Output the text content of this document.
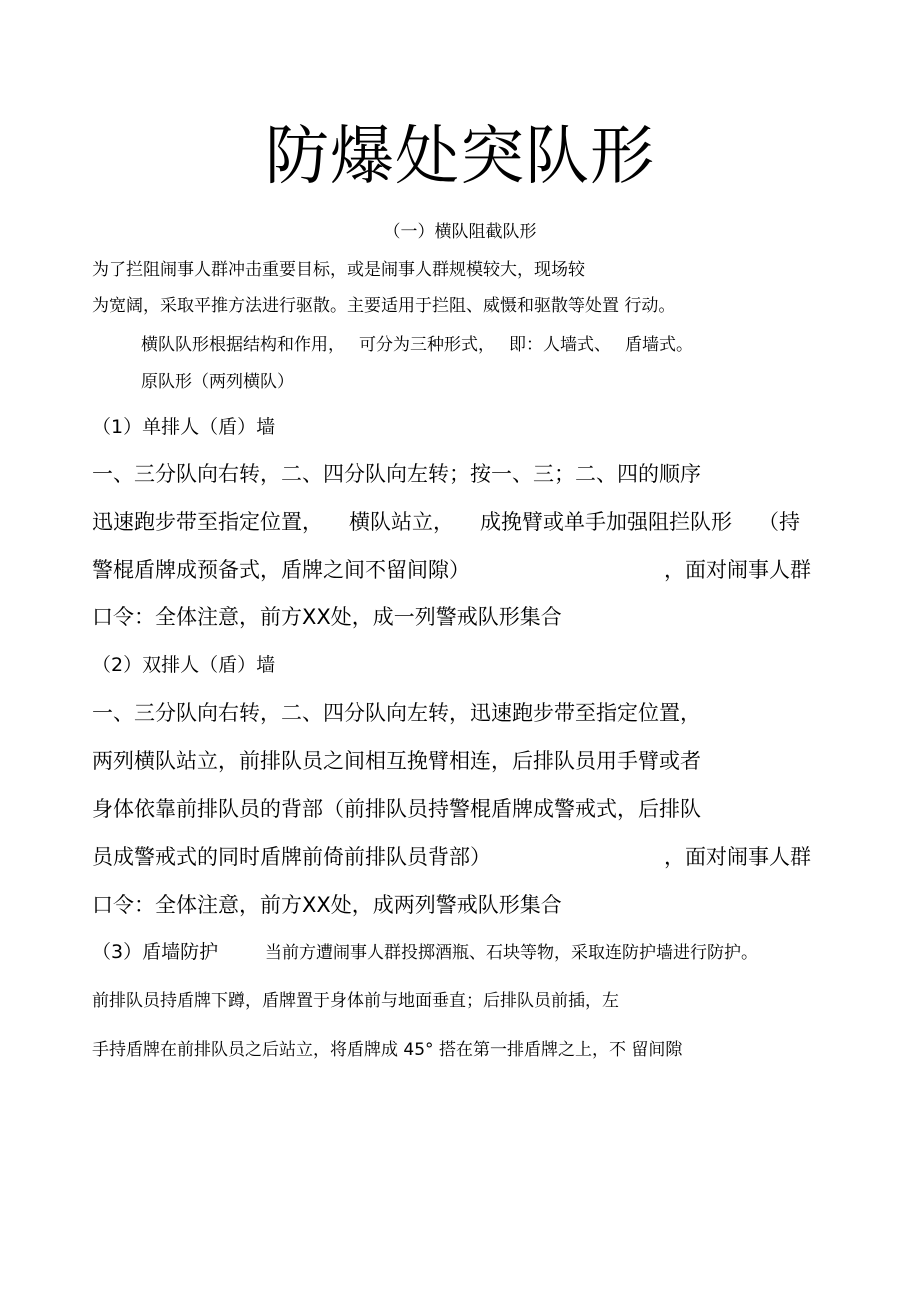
防爆处突队形
（一）横队阻截队形
为了拦阻闹事人群冲击重要目标，或是闹事人群规模较大，现场较
为宽阔，采取平推方法进行驱散。主要适用于拦阻、威慑和驱散等处置 行动。
横队队形根据结构和作用， 可分为三种形式， 即：人墙式、 盾墙式。
原队形（两列横队）
（1）单排人（盾）墙
一、三分队向右转，二、四分队向左转；按一、三；二、四的顺序
迅速跑步带至指定位置， 横队站立， 成挽臂或单手加强阻拦队形 （持
警棍盾牌成预备式，盾牌之间不留间隙）	，面对闹事人群
口令：全体注意，前方XX处，成一列警戒队形集合
（2）双排人（盾）墙
一、三分队向右转，二、四分队向左转，迅速跑步带至指定位置，
两列横队站立，前排队员之间相互挽臂相连，后排队员用手臂或者
身体依靠前排队员的背部（前排队员持警棍盾牌成警戒式，后排队
员成警戒式的同时盾牌前倚前排队员背部）	，面对闹事人群
口令：全体注意，前方XX处，成两列警戒队形集合
（3）盾墙防护	当前方遭闹事人群投掷酒瓶、石块等物，采取连防护墙进行防护。
前排队员持盾牌下蹲，盾牌置于身体前与地面垂直；后排队员前插，左
手持盾牌在前排队员之后站立，将盾牌成 45° 搭在第一排盾牌之上，不 留间隙
